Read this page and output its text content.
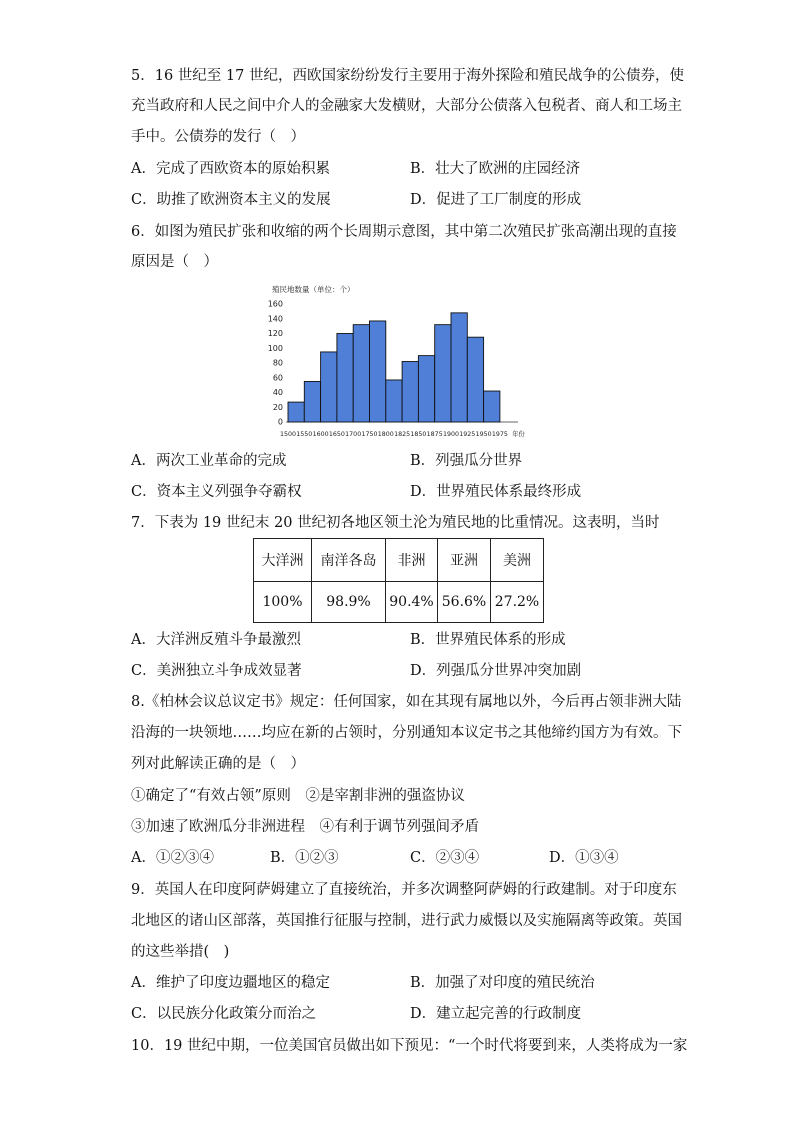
5．16 世纪至 17 世纪，西欧国家纷纷发行主要用于海外探险和殖民战争的公债券，使
充当政府和人民之间中介人的金融家大发横财，大部分公债落入包税者、商人和工场主
手中。公债券的发行（　）
A．完成了西欧资本的原始积累	B．壮大了欧洲的庄园经济
C．助推了欧洲资本主义的发展	D．促进了工厂制度的形成
6．如图为殖民扩张和收缩的两个长周期示意图，其中第二次殖民扩张高潮出现的直接
原因是（　）
殖民地数量（单位：个）
0
20
40
60
80
100
120
140
160
1500 1550 1600 1650 1700 1750 1800 1825 1850 1875 1900 1925 1950 1975 年份
A．两次工业革命的完成	B．列强瓜分世界
C．资本主义列强争夺霸权	D．世界殖民体系最终形成
7．下表为 19 世纪末 20 世纪初各地区领土沦为殖民地的比重情况。这表明，当时
大洋洲	南洋各岛	非洲	亚洲	美洲
100%	98.9%	90.4%	56.6%	27.2%
A．大洋洲反殖斗争最激烈	B．世界殖民体系的形成
C．美洲独立斗争成效显著	D．列强瓜分世界冲突加剧
8.《柏林会议总议定书》规定：任何国家，如在其现有属地以外，今后再占领非洲大陆
沿海的一块领地……均应在新的占领时，分别通知本议定书之其他缔约国方为有效。下
列对此解读正确的是（　）
①确定了“有效占领”原则　②是宰割非洲的强盗协议
③加速了欧洲瓜分非洲进程　④有利于调节列强间矛盾
A．①②③④	B．①②③	C．②③④	D．①③④
9．英国人在印度阿萨姆建立了直接统治，并多次调整阿萨姆的行政建制。对于印度东
北地区的诸山区部落，英国推行征服与控制，进行武力威慑以及实施隔离等政策。英国
的这些举措(　)
A．维护了印度边疆地区的稳定	B．加强了对印度的殖民统治
C．以民族分化政策分而治之	D．建立起完善的行政制度
10．19 世纪中期，一位美国官员做出如下预见：“一个时代将要到来，人类将成为一家
